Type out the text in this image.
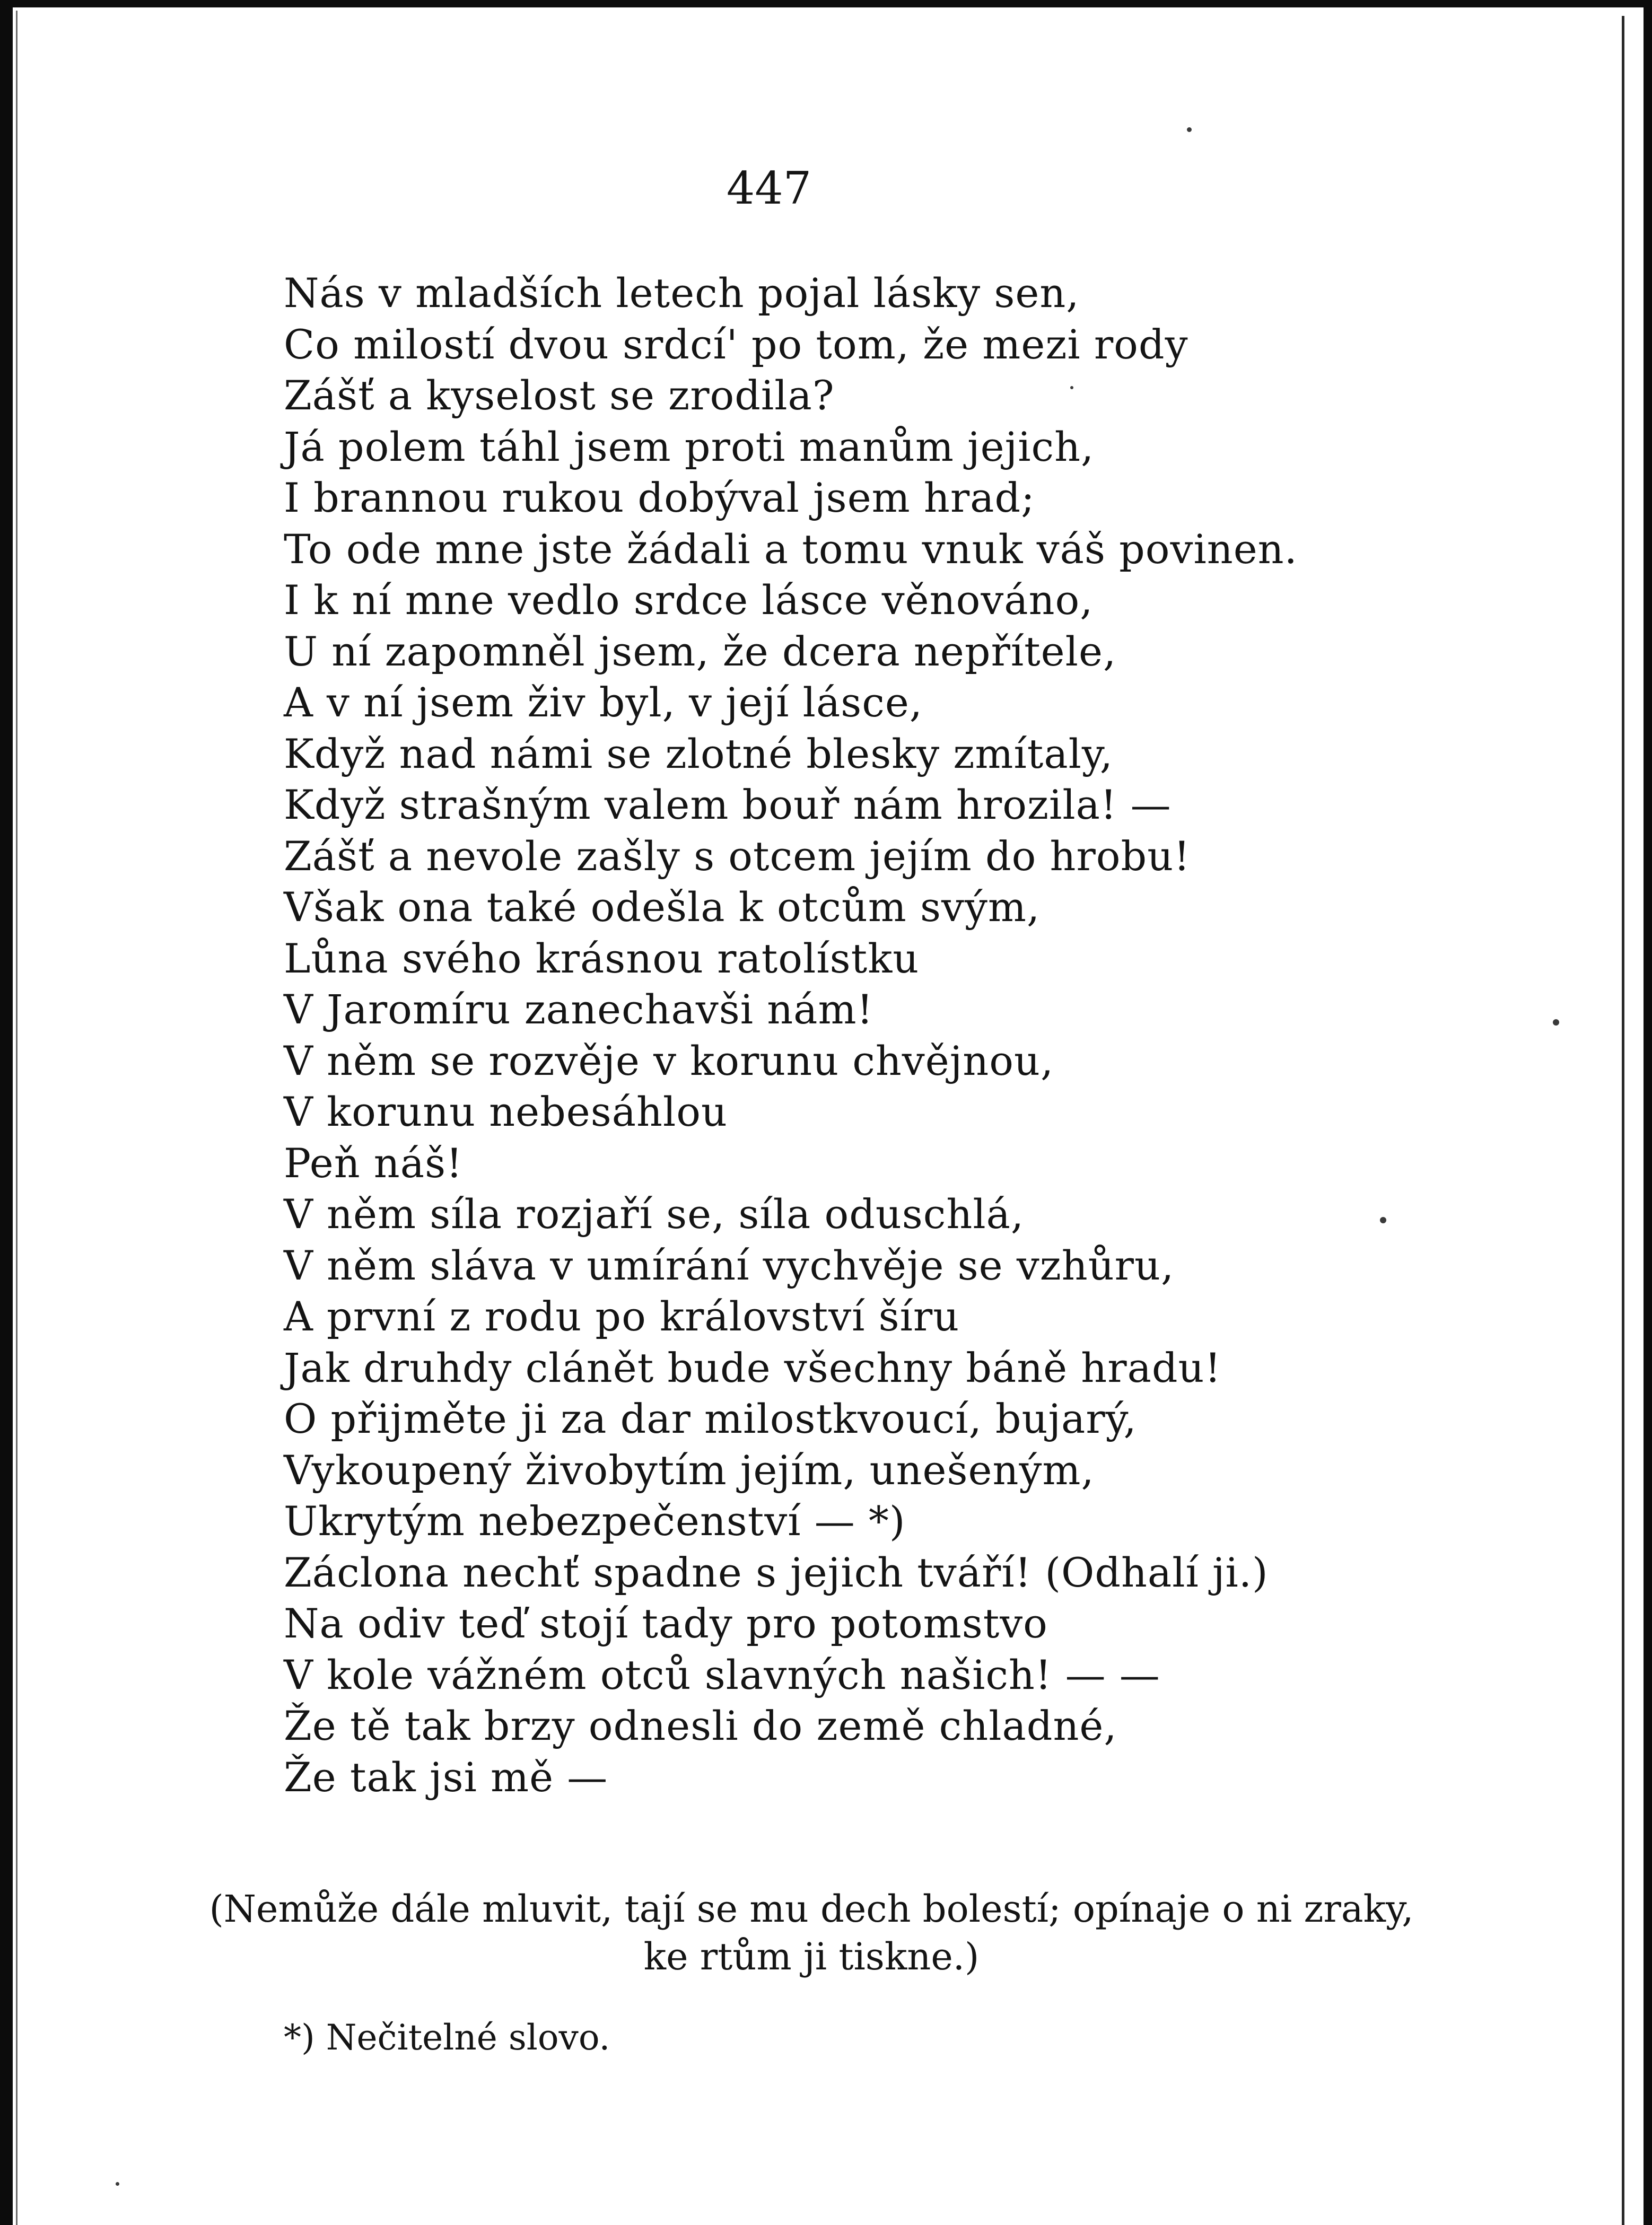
447
Nás v mladších letech pojal lásky sen,
Co milostí dvou srdcí' po tom, že mezi rody
Zášť a kyselost se zrodila?
Já polem táhl jsem proti manům jejich,
I brannou rukou dobýval jsem hrad;
To ode mne jste žádali a tomu vnuk váš povinen.
I k ní mne vedlo srdce lásce věnováno,
U ní zapomněl jsem, že dcera nepřítele,
A v ní jsem živ byl, v její lásce,
Když nad námi se zlotné blesky zmítaly,
Když strašným valem bouř nám hrozila! —
Zášť a nevole zašly s otcem jejím do hrobu!
Však ona také odešla k otcům svým,
Lůna svého krásnou ratolístku
V Jaromíru zanechavši nám!
V něm se rozvěje v korunu chvějnou,
V korunu nebesáhlou
Peň náš!
V něm síla rozjaří se, síla oduschlá,
V něm sláva v umírání vychvěje se vzhůru,
A první z rodu po království šíru
Jak druhdy clánět bude všechny báně hradu!
O přijměte ji za dar milostkvoucí, bujarý,
Vykoupený živobytím jejím, unešeným,
Ukrytým nebezpečenství — *)
Záclona nechť spadne s jejich tváří! (Odhalí ji.)
Na odiv teď stojí tady pro potomstvo
V kole vážném otců slavných našich! — —
Že tě tak brzy odnesli do země chladné,
Že tak jsi mě —
(Nemůže dále mluvit, tají se mu dech bolestí; opínaje o ni zraky,
ke rtům ji tiskne.)
*) Nečitelné slovo.
